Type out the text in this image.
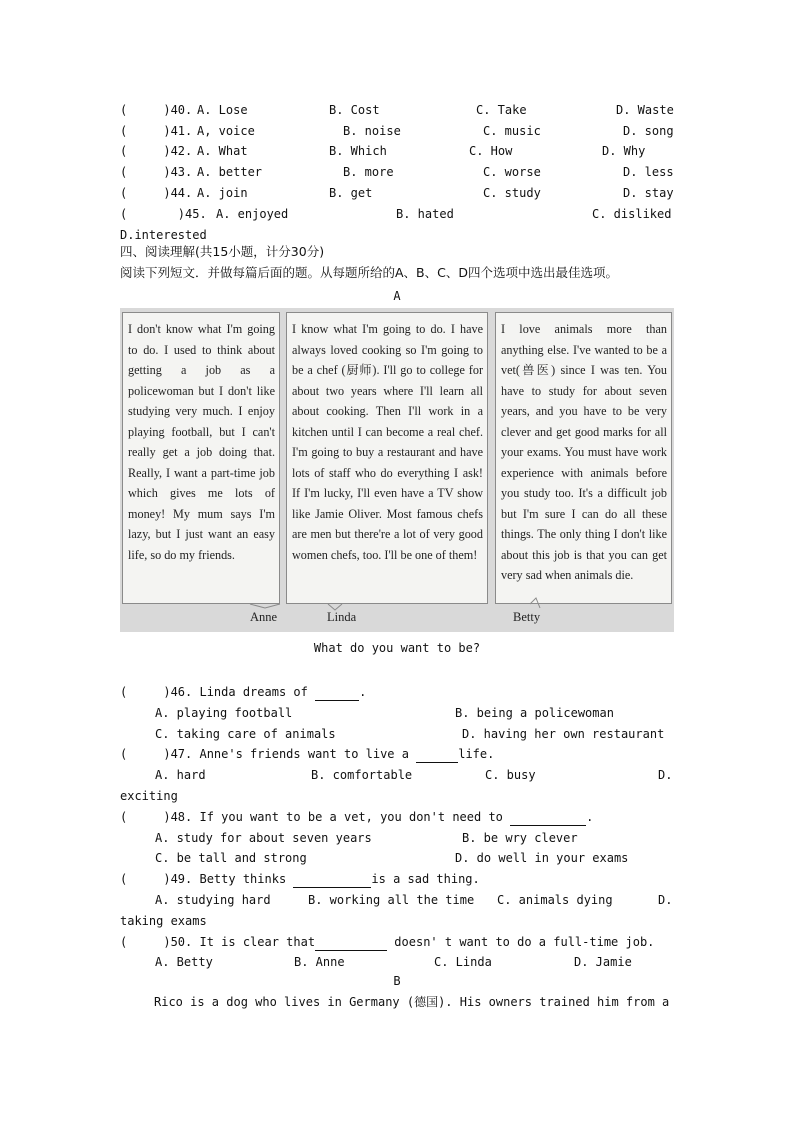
(     )40. A. Lose	B. Cost	C. Take	D. Waste
(     )41. A, voice	B. noise	C. music	D. song
(     )42. A. What	B. Which	C. How	D. Why
(     )43. A. better	B. more	C. worse	D. less
(     )44. A. join	B. get	C. study	D. stay
(       )45. A. enjoyed	B. hated	C. disliked
D.interested
四、阅读理解(共15小题，计分30分)
阅读下列短文．并做每篇后面的题。从每题所给的A、B、C、D四个选项中选出最佳选项。
A
I don't know what I'm going to do. I used to think about getting a job as a policewoman but I don't like studying very much. I enjoy playing football, but I can't really get a job doing that. Really, I want a part-time job which gives me lots of money! My mum says I'm lazy, but I just want an easy life, so do my friends.
I know what I'm going to do. I have always loved cooking so I'm going to be a chef (厨师). I'll go to college for about two years where I'll learn all about cooking. Then I'll work in a kitchen until I can become a real chef. I'm going to buy a restaurant and have lots of staff who do everything I ask! If I'm lucky, I'll even have a TV show like Jamie Oliver. Most famous chefs are men but there're a lot of very good women chefs, too. I'll be one of them!
I love animals more than anything else. I've wanted to be a vet(兽医) since I was ten. You have to study for about seven years, and you have to be very clever and get good marks for all your exams. You must have work experience with animals before you study too. It's a difficult job but I'm sure I can do all these things. The only thing I don't like about this job is that you can get very sad when animals die.
Anne	Linda	Betty
What do you want to be?
(     )46. Linda dreams of	.
A. playing football	B. being a policewoman
C. taking care of animals	D. having her own restaurant
(     )47. Anne's friends want to live a	life.
A. hard	B. comfortable	C. busy	D.
exciting
(     )48. If you want to be a vet, you don't need to	.
A. study for about seven years	B. be wry clever
C. be tall and strong	D. do well in your exams
(     )49. Betty thinks	is a sad thing.
A. studying hard	B. working all the time C. animals dying	D.
taking exams
(     )50. It is clear that	doesn' t want to do a full-time job.
A. Betty	B. Anne	C. Linda	D. Jamie
B
Rico is a dog who lives in Germany (德国). His owners trained him from a
